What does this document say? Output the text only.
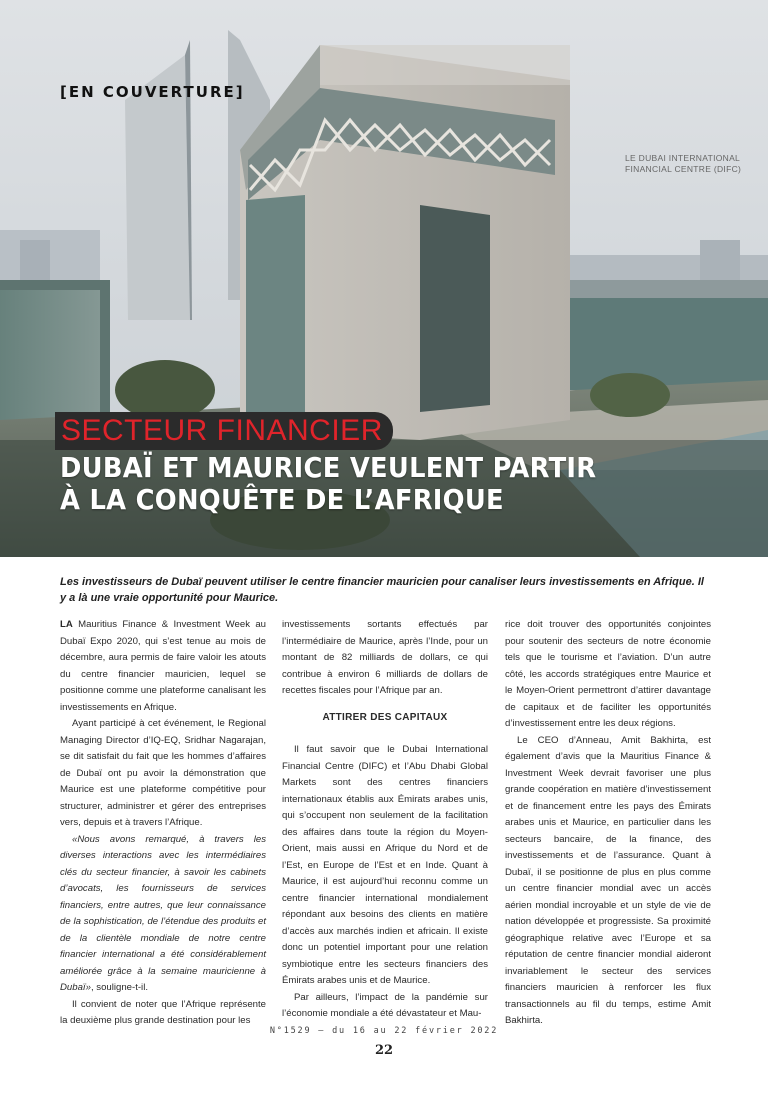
[EN COUVERTURE]
LE DUBAI INTERNATIONAL FINANCIAL CENTRE (DIFC)
SECTEUR FINANCIER
DUBAÏ ET MAURICE VEULENT PARTIR
À LA CONQUÊTE DE L’AFRIQUE

Les investisseurs de Dubaï peuvent utiliser le centre financier mauricien pour canaliser leurs investissements en Afrique. Il y a là une vraie opportunité pour Maurice.

LA Mauritius Finance & Investment Week au Dubaï Expo 2020, qui s’est tenue au mois de décembre, aura permis de faire valoir les atouts du centre financier mauricien, lequel se positionne comme une plateforme canalisant les investissements en Afrique.

Ayant participé à cet événement, le Regional Managing Director d’IQ-EQ, Sridhar Nagarajan, se dit satisfait du fait que les hommes d’affaires de Dubaï ont pu avoir la démonstration que Maurice est une plateforme compétitive pour structurer, administrer et gérer des entreprises vers, depuis et à travers l’Afrique.

«Nous avons remarqué, à travers les diverses interactions avec les intermédiaires clés du secteur financier, à savoir les cabinets d’avocats, les fournisseurs de services financiers, entre autres, que leur connaissance de la sophistication, de l’étendue des produits et de la clientèle mondiale de notre centre financier international a été considérablement améliorée grâce à la semaine mauricienne à Dubaï», souligne-t-il.

Il convient de noter que l’Afrique représente la deuxième plus grande destination pour les

investissements sortants effectués par l’intermédiaire de Maurice, après l’Inde, pour un montant de 82 milliards de dollars, ce qui contribue à environ 6 milliards de dollars de recettes fiscales pour l’Afrique par an.

ATTIRER DES CAPITAUX

Il faut savoir que le Dubai International Financial Centre (DIFC) et l’Abu Dhabi Global Markets sont des centres financiers internationaux établis aux Émirats arabes unis, qui s’occupent non seulement de la facilitation des affaires dans toute la région du Moyen-Orient, mais aussi en Afrique du Nord et de l’Est, en Europe de l’Est et en Inde. Quant à Maurice, il est aujourd’hui reconnu comme un centre financier international mondialement répondant aux besoins des clients en matière d’accès aux marchés indien et africain. Il existe donc un potentiel important pour une relation symbiotique entre les secteurs financiers des Émirats arabes unis et de Maurice.

Par ailleurs, l’impact de la pandémie sur l’économie mondiale a été dévastateur et Mau-

rice doit trouver des opportunités conjointes pour soutenir des secteurs de notre économie tels que le tourisme et l’aviation. D’un autre côté, les accords stratégiques entre Maurice et le Moyen-Orient permettront d’attirer davantage de capitaux et de faciliter les opportunités d’investissement entre les deux régions.

Le CEO d’Anneau, Amit Bakhirta, est également d’avis que la Mauritius Finance & Investment Week devrait favoriser une plus grande coopération en matière d’investissement et de financement entre les pays des Émirats arabes unis et Maurice, en particulier dans les secteurs bancaire, de la finance, des investissements et de l’assurance. Quant à Dubaï, il se positionne de plus en plus comme un centre financier mondial avec un accès aérien mondial incroyable et un style de vie de nation développée et progressiste. Sa proximité géographique relative avec l’Europe et sa réputation de centre financier mondial aideront invariablement le secteur des services financiers mauricien à renforcer les flux transactionnels au fil du temps, estime Amit Bakhirta.

N°1529 – du 16 au 22 février 2022
22
